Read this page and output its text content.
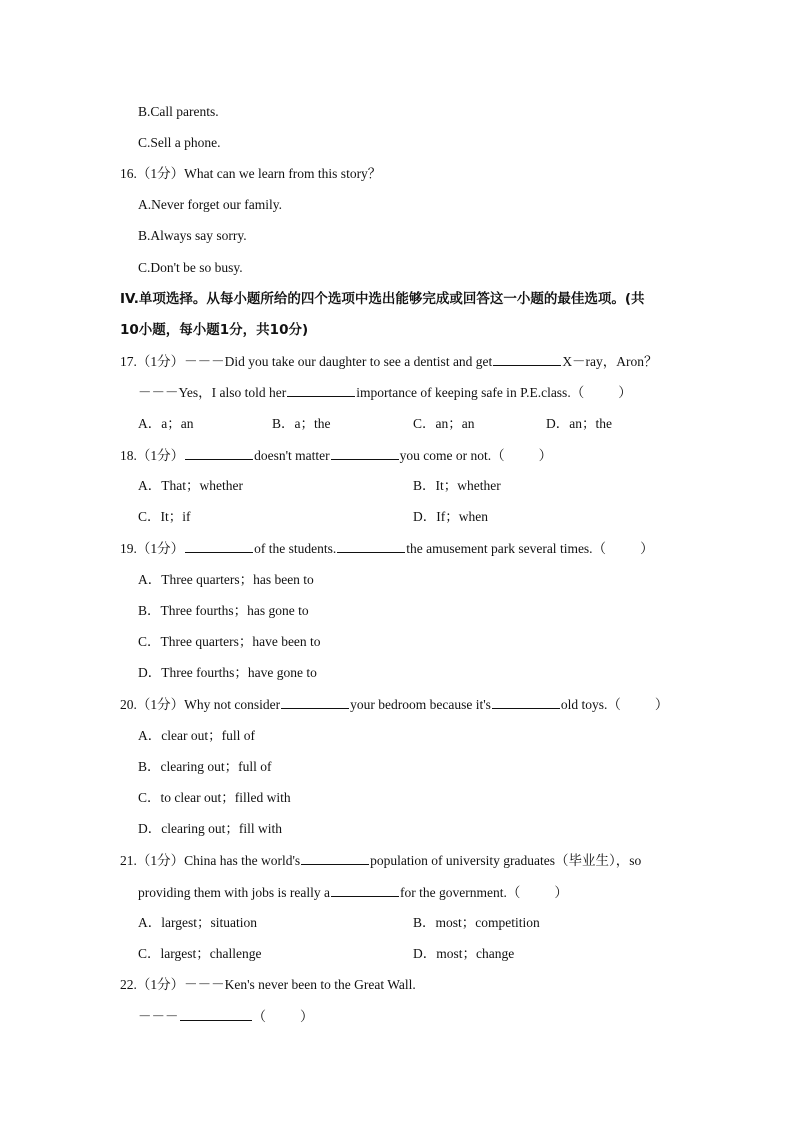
B.Call parents.
C.Sell a phone.
16.（1分）What can we learn from this story？
A.Never forget our family.
B.Always say sorry.
C.Don't be so busy.
IV.单项选择。从每小题所给的四个选项中选出能够完成或回答这一小题的最佳选项。(共
10小题，每小题1分，共10分)
17.（1分）－－－Did you take our daughter to see a dentist and get	X－ray，Aron？
－－－Yes，I also told her	importance of keeping safe in P.E.class.（	）
A．a；an	B．a；the	C．an；an	D．an；the
18.（1分）	doesn't matter	you come or not.（	）
A．That；whether	B．It；whether
C．It；if	D．If；when
19.（1分）	of the students.	the amusement park several times.（	）
A．Three quarters；has been to
B．Three fourths；has gone to
C．Three quarters；have been to
D．Three fourths；have gone to
20.（1分）Why not consider	your bedroom because it's	old toys.（	）
A．clear out；full of
B．clearing out；full of
C．to clear out；filled with
D．clearing out；fill with
21.（1分）China has the world's	population of university graduates（毕业生），so
providing them with jobs is really a	for the government.（	）
A．largest；situation	B．most；competition
C．largest；challenge	D．most；change
22.（1分）－－－Ken's never been to the Great Wall.
－－－	（	）
